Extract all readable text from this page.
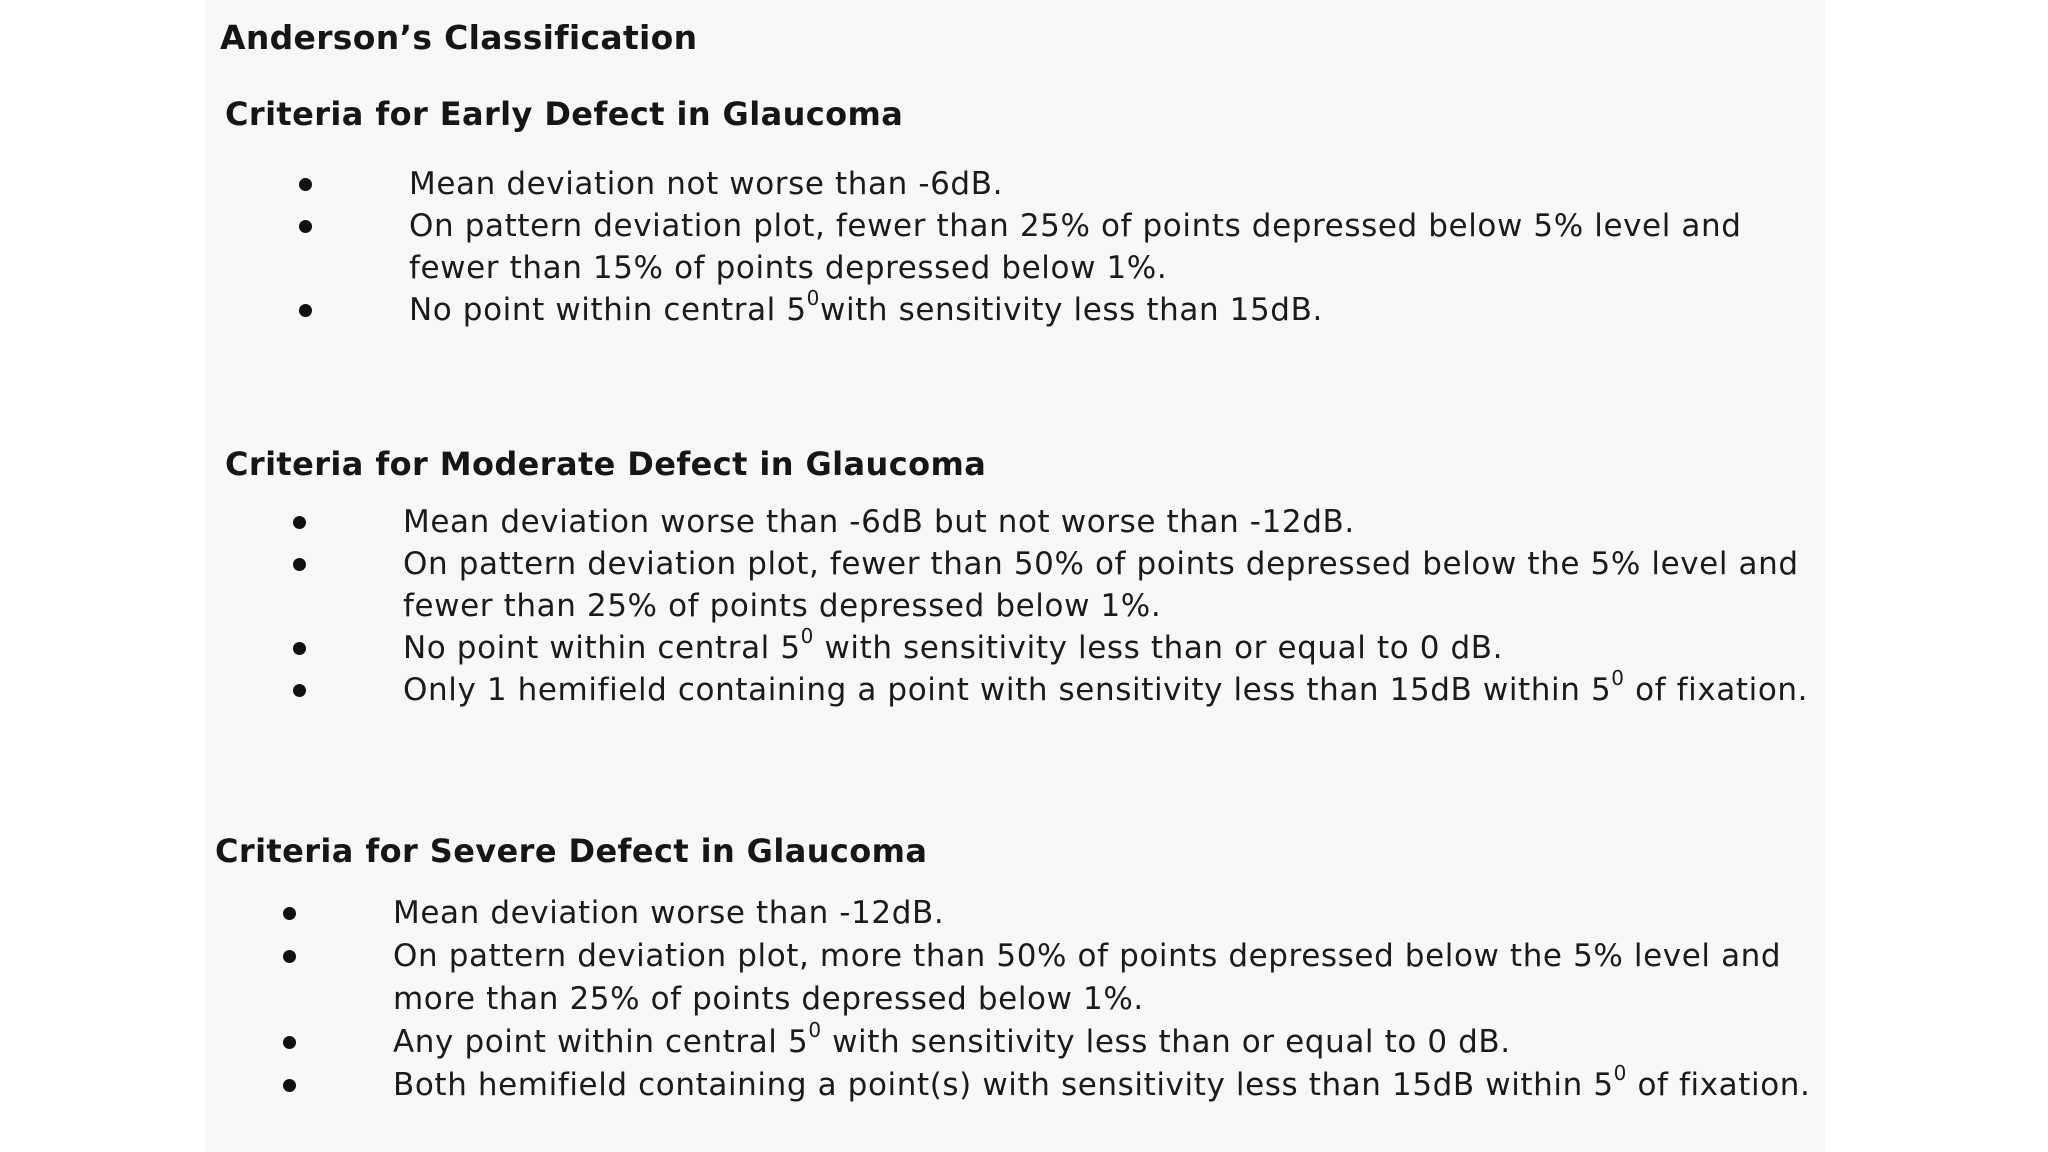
Anderson’s Classification
Criteria for Early Defect in Glaucoma
Mean deviation not worse than -6dB.
On pattern deviation plot, fewer than 25% of points depressed below 5% level and
fewer than 15% of points depressed below 1%.
No point within central $5^0with$ sensitivity less than 15dB.
Criteria for Moderate Defect in Glaucoma
Mean deviation worse than -6dB but not worse than -12dB.
On pattern deviation plot, fewer than 50% of points depressed below the 5% level and
fewer than 25% of points depressed below 1%.
No point within central $5^0$ with sensitivity less than or equal to 0 dB.
Only 1 hemifield containing a point with sensitivity less than 15dB within $5^0$ of fixation.
Criteria for Severe Defect in Glaucoma
Mean deviation worse than -12dB.
On pattern deviation plot, more than 50% of points depressed below the 5% level and
more than 25% of points depressed below 1%.
Any point within central $5^0$ with sensitivity less than or equal to 0 dB.
Both hemifield containing a point(s) with sensitivity less than 15dB within $5^0$ of fixation.
